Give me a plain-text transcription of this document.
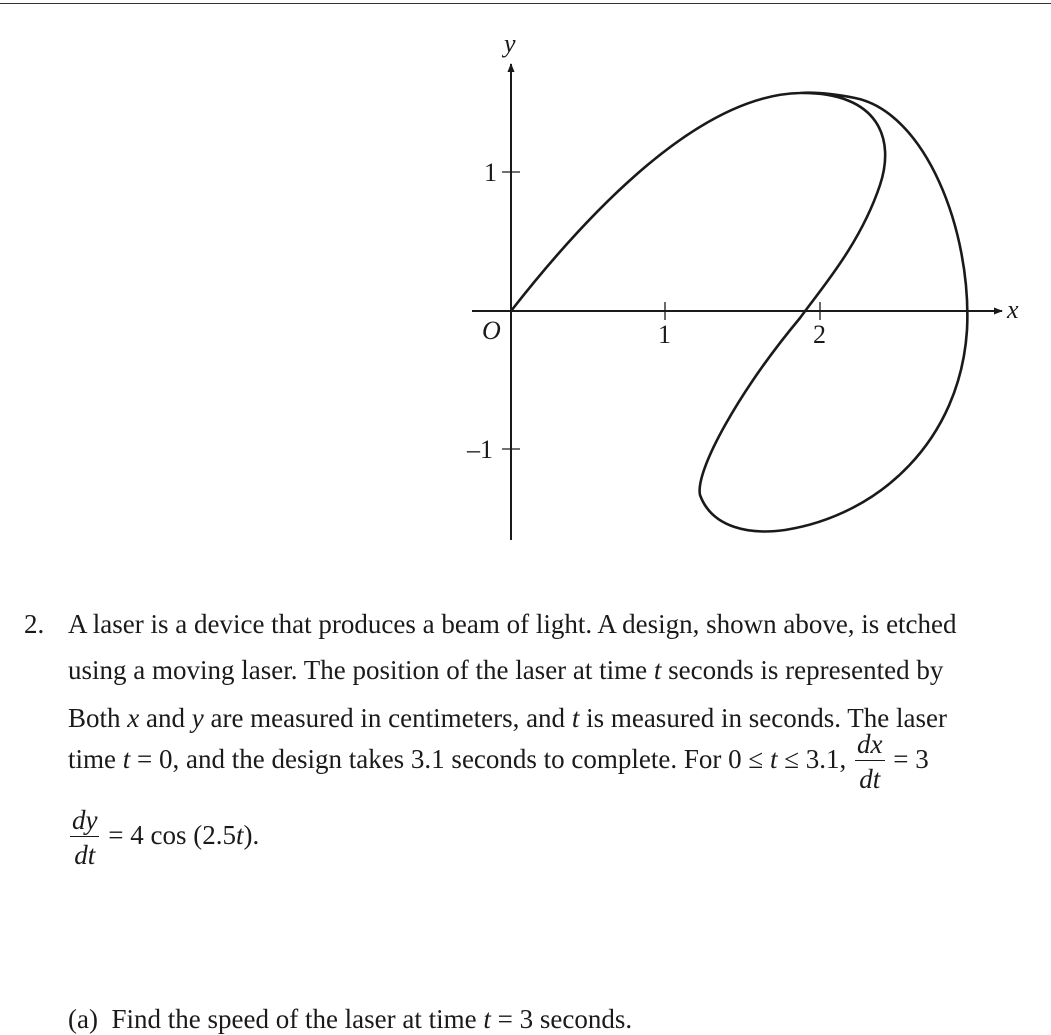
y
x
O	1	2
1
–1
2. A laser is a device that produces a beam of light. A design, shown above, is etched
using a moving laser. The position of the laser at time t seconds is represented by
Both x and y are measured in centimeters, and t is measured in seconds. The laser
time t = 0, and the design takes 3.1 seconds to complete. For 0 ≤ t ≤ 3.1, $\frac{dx}{dt} = 3$
$\frac{dy}{dt} = 4$ cos (2.5t).
(a) Find the speed of the laser at time t = 3 seconds.
